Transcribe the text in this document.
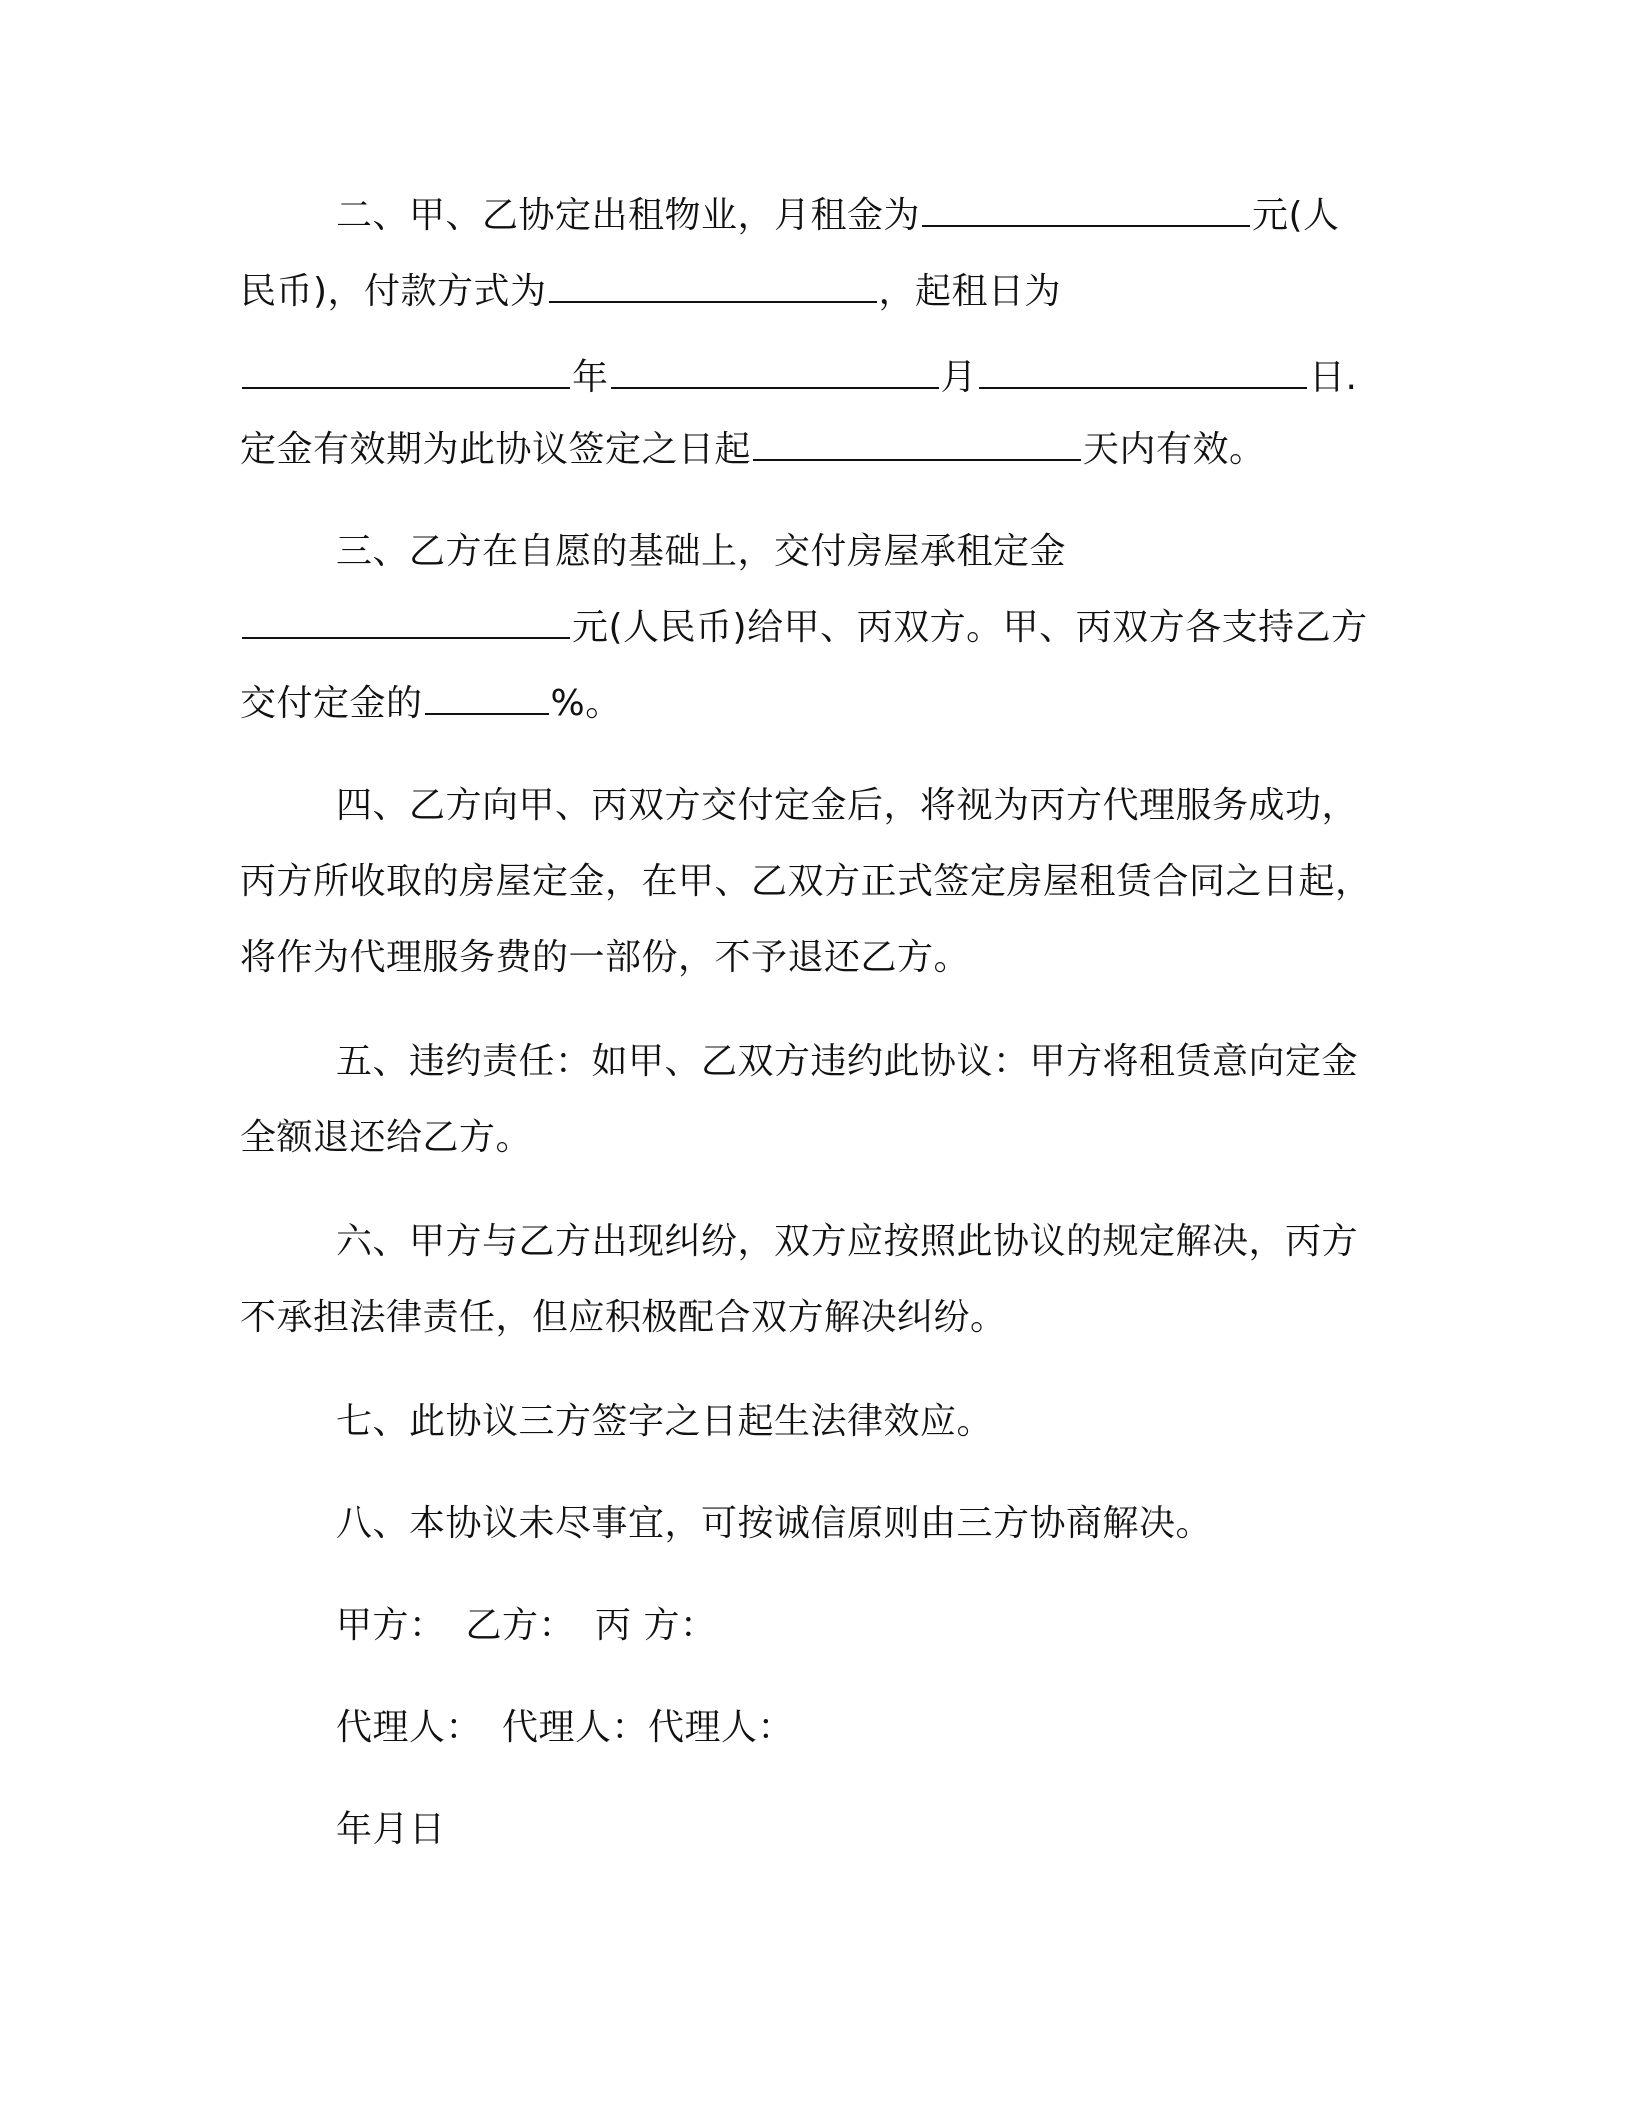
二、甲、乙协定出租物业，月租金为	元(人
民币)，付款方式为	，起租日为
年	月	日.
定金有效期为此协议签定之日起	天内有效。
三、乙方在自愿的基础上，交付房屋承租定金
元(人民币)给甲、丙双方。甲、丙双方各支持乙方
交付定金的	%。
四、乙方向甲、丙双方交付定金后，将视为丙方代理服务成功，
丙方所收取的房屋定金，在甲、乙双方正式签定房屋租赁合同之日起，
将作为代理服务费的一部份，不予退还乙方。
五、违约责任：如甲、乙双方违约此协议：甲方将租赁意向定金
全额退还给乙方。
六、甲方与乙方出现纠纷，双方应按照此协议的规定解决，丙方
不承担法律责任，但应积极配合双方解决纠纷。
七、此协议三方签字之日起生法律效应。
八、本协议未尽事宜，可按诚信原则由三方协商解决。
甲方： 乙方： 丙 方：
代理人： 代理人：代理人：
年月日
